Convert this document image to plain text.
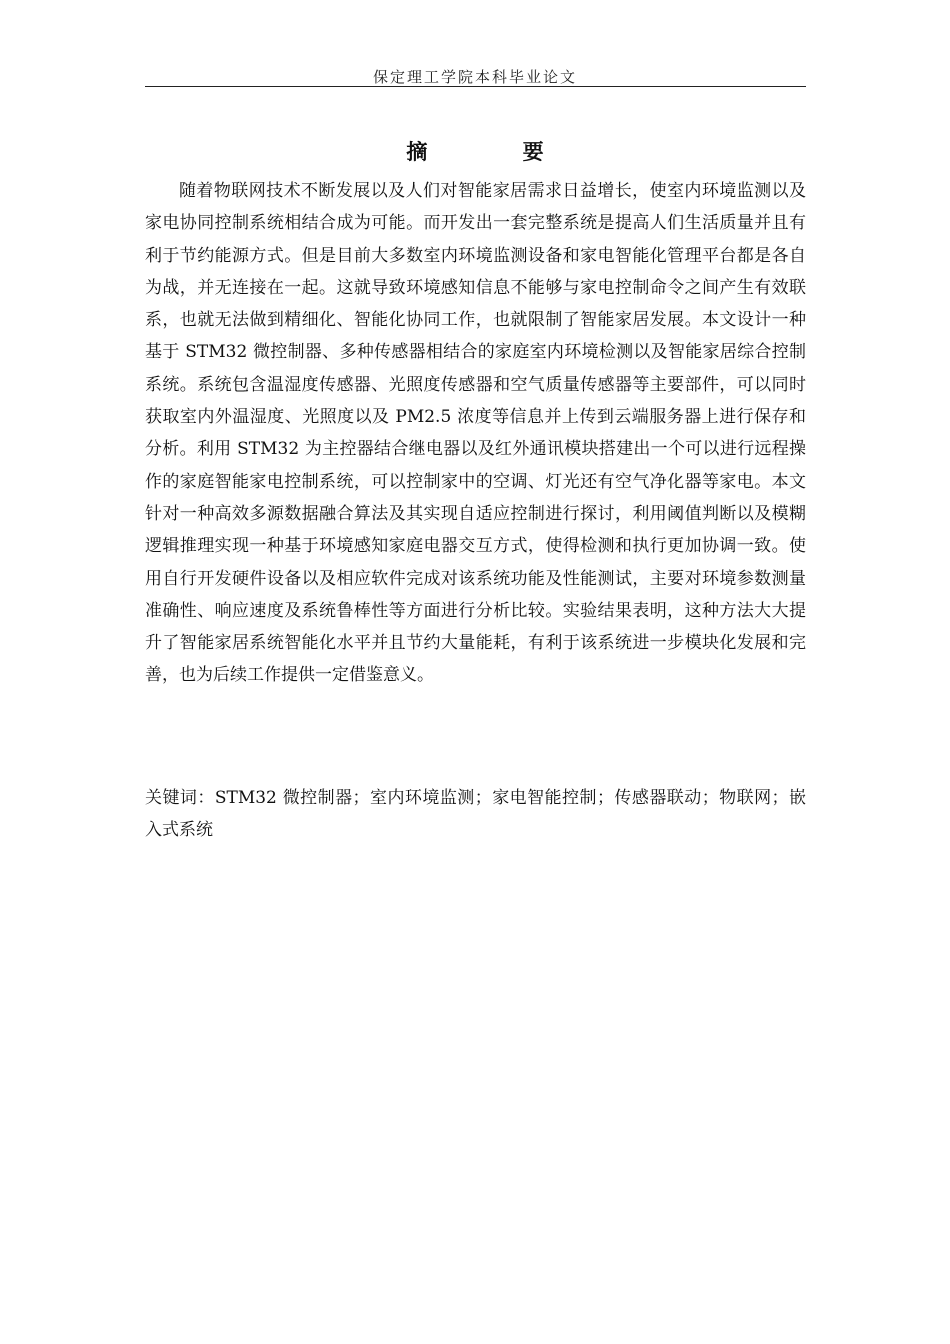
保定理工学院本科毕业论文
摘 要

随着物联网技术不断发展以及人们对智能家居需求日益增长，使室内环境监测以及家电协同控制系统相结合成为可能。而开发出一套完整系统是提高人们生活质量并且有利于节约能源方式。但是目前大多数室内环境监测设备和家电智能化管理平台都是各自为战，并无连接在一起。这就导致环境感知信息不能够与家电控制命令之间产生有效联系，也就无法做到精细化、智能化协同工作，也就限制了智能家居发展。本文设计一种基于 STM32 微控制器、多种传感器相结合的家庭室内环境检测以及智能家居综合控制系统。系统包含温湿度传感器、光照度传感器和空气质量传感器等主要部件，可以同时获取室内外温湿度、光照度以及 PM2.5 浓度等信息并上传到云端服务器上进行保存和分析。利用 STM32 为主控器结合继电器以及红外通讯模块搭建出一个可以进行远程操作的家庭智能家电控制系统，可以控制家中的空调、灯光还有空气净化器等家电。本文针对一种高效多源数据融合算法及其实现自适应控制进行探讨，利用阈值判断以及模糊逻辑推理实现一种基于环境感知家庭电器交互方式，使得检测和执行更加协调一致。使用自行开发硬件设备以及相应软件完成对该系统功能及性能测试，主要对环境参数测量准确性、响应速度及系统鲁棒性等方面进行分析比较。实验结果表明，这种方法大大提升了智能家居系统智能化水平并且节约大量能耗，有利于该系统进一步模块化发展和完善，也为后续工作提供一定借鉴意义。

关键词：STM32 微控制器；室内环境监测；家电智能控制；传感器联动；物联网；嵌入式系统
